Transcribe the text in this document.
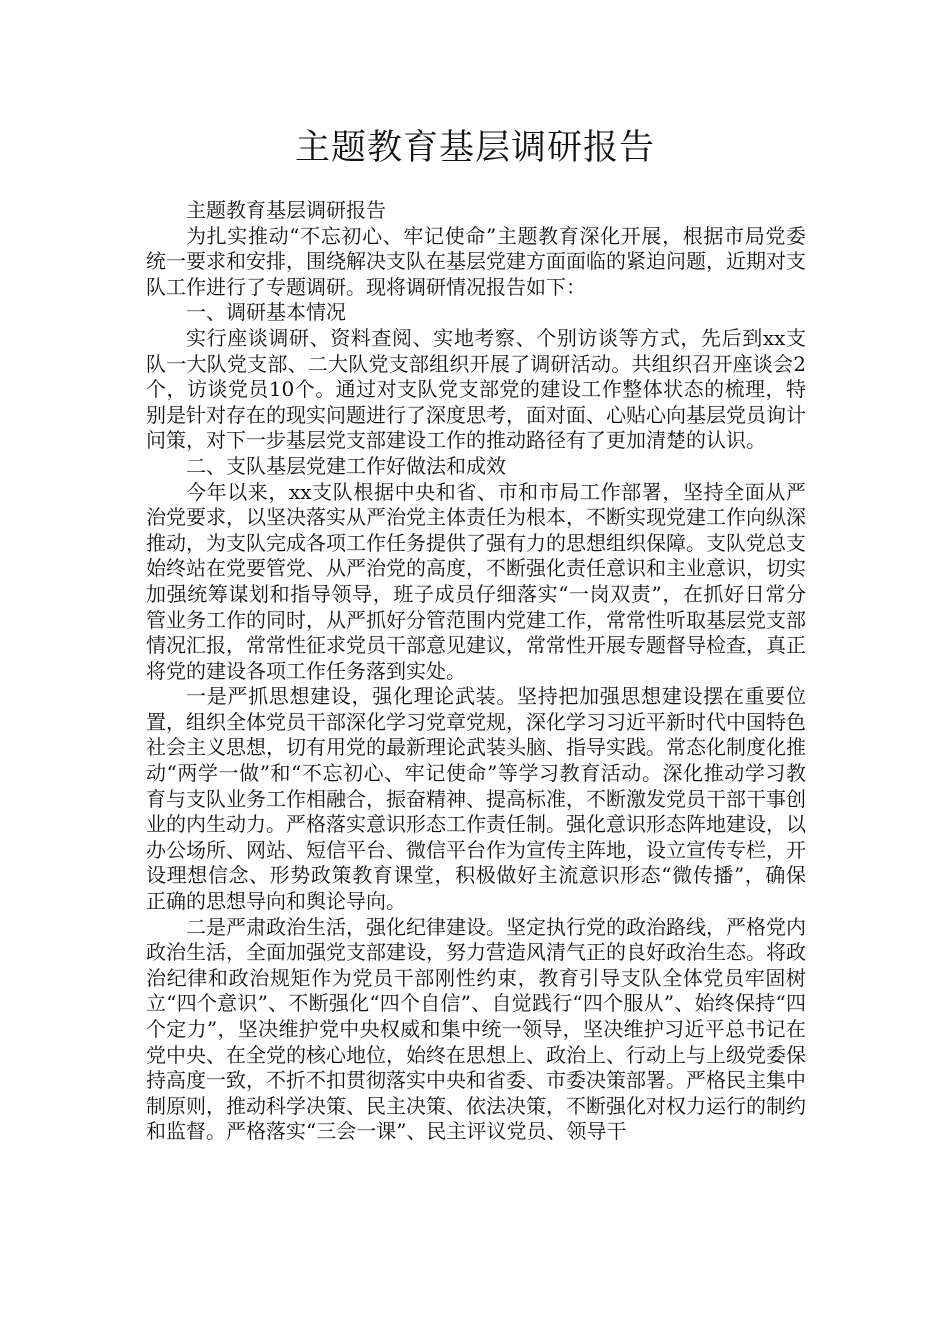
主题教育基层调研报告

主题教育基层调研报告

为扎实推动“不忘初心、牢记使命”主题教育深化开展，根据市局党委统一要求和安排，围绕解决支队在基层党建方面面临的紧迫问题，近期对支队工作进行了专题调研。现将调研情况报告如下：

一、调研基本情况

实行座谈调研、资料查阅、实地考察、个别访谈等方式，先后到xx支队一大队党支部、二大队党支部组织开展了调研活动。共组织召开座谈会2个，访谈党员10个。通过对支队党支部党的建设工作整体状态的梳理，特别是针对存在的现实问题进行了深度思考，面对面、心贴心向基层党员询计问策，对下一步基层党支部建设工作的推动路径有了更加清楚的认识。

二、支队基层党建工作好做法和成效

今年以来，xx支队根据中央和省、市和市局工作部署，坚持全面从严治党要求，以坚决落实从严治党主体责任为根本，不断实现党建工作向纵深推动，为支队完成各项工作任务提供了强有力的思想组织保障。支队党总支始终站在党要管党、从严治党的高度，不断强化责任意识和主业意识，切实加强统筹谋划和指导领导，班子成员仔细落实“一岗双责”，在抓好日常分管业务工作的同时，从严抓好分管范围内党建工作，常常性听取基层党支部情况汇报，常常性征求党员干部意见建议，常常性开展专题督导检查，真正将党的建设各项工作任务落到实处。

一是严抓思想建设，强化理论武装。坚持把加强思想建设摆在重要位置，组织全体党员干部深化学习党章党规，深化学习习近平新时代中国特色社会主义思想，切有用党的最新理论武装头脑、指导实践。常态化制度化推动“两学一做”和“不忘初心、牢记使命”等学习教育活动。深化推动学习教育与支队业务工作相融合，振奋精神、提高标准，不断激发党员干部干事创业的内生动力。严格落实意识形态工作责任制。强化意识形态阵地建设，以办公场所、网站、短信平台、微信平台作为宣传主阵地，设立宣传专栏，开设理想信念、形势政策教育课堂，积极做好主流意识形态“微传播”，确保正确的思想导向和舆论导向。

二是严肃政治生活，强化纪律建设。坚定执行党的政治路线，严格党内政治生活，全面加强党支部建设，努力营造风清气正的良好政治生态。将政治纪律和政治规矩作为党员干部刚性约束，教育引导支队全体党员牢固树立“四个意识”、不断强化“四个自信”、自觉践行“四个服从”、始终保持“四个定力”，坚决维护党中央权威和集中统一领导，坚决维护习近平总书记在党中央、在全党的核心地位，始终在思想上、政治上、行动上与上级党委保持高度一致，不折不扣贯彻落实中央和省委、市委决策部署。严格民主集中制原则，推动科学决策、民主决策、依法决策，不断强化对权力运行的制约和监督。严格落实“三会一课”、民主评议党员、领导干
